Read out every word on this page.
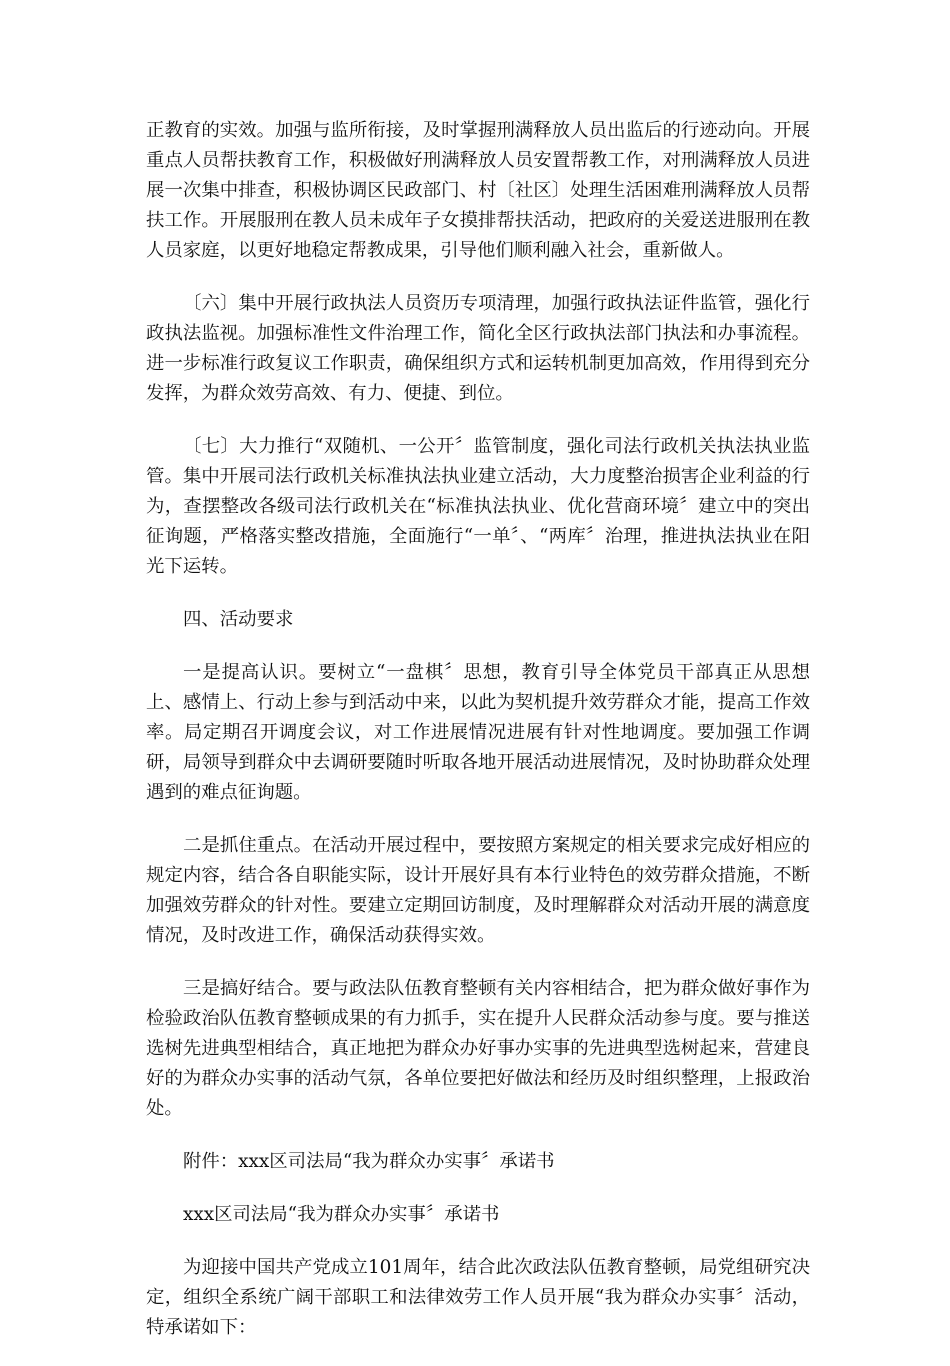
正教育的实效。加强与监所衔接，及时掌握刑满释放人员出监后的行迹动向。开展重点人员帮扶教育工作，积极做好刑满释放人员安置帮教工作，对刑满释放人员进展一次集中排查，积极协调区民政部门、村〔社区〕处理生活困难刑满释放人员帮扶工作。开展服刑在教人员未成年子女摸排帮扶活动，把政府的关爱送进服刑在教人员家庭，以更好地稳定帮教成果，引导他们顺利融入社会，重新做人。

〔六〕集中开展行政执法人员资历专项清理，加强行政执法证件监管，强化行政执法监视。加强标准性文件治理工作，简化全区行政执法部门执法和办事流程。进一步标准行政复议工作职责，确保组织方式和运转机制更加高效，作用得到充分发挥，为群众效劳高效、有力、便捷、到位。

〔七〕大力推行“双随机、一公开〞监管制度，强化司法行政机关执法执业监管。集中开展司法行政机关标准执法执业建立活动，大力度整治损害企业利益的行为，查摆整改各级司法行政机关在“标准执法执业、优化营商环境〞建立中的突出征询题，严格落实整改措施，全面施行“一单〞、“两库〞治理，推进执法执业在阳光下运转。

四、活动要求

一是提高认识。要树立“一盘棋〞思想，教育引导全体党员干部真正从思想上、感情上、行动上参与到活动中来，以此为契机提升效劳群众才能，提高工作效率。局定期召开调度会议，对工作进展情况进展有针对性地调度。要加强工作调研，局领导到群众中去调研要随时听取各地开展活动进展情况，及时协助群众处理遇到的难点征询题。

二是抓住重点。在活动开展过程中，要按照方案规定的相关要求完成好相应的规定内容，结合各自职能实际，设计开展好具有本行业特色的效劳群众措施，不断加强效劳群众的针对性。要建立定期回访制度，及时理解群众对活动开展的满意度情况，及时改进工作，确保活动获得实效。

三是搞好结合。要与政法队伍教育整顿有关内容相结合，把为群众做好事作为检验政治队伍教育整顿成果的有力抓手，实在提升人民群众活动参与度。要与推送选树先进典型相结合，真正地把为群众办好事办实事的先进典型选树起来，营建良好的为群众办实事的活动气氛，各单位要把好做法和经历及时组织整理，上报政治处。

附件：xxx区司法局“我为群众办实事〞承诺书

xxx区司法局“我为群众办实事〞承诺书

为迎接中国共产党成立101周年，结合此次政法队伍教育整顿，局党组研究决定，组织全系统广阔干部职工和法律效劳工作人员开展“我为群众办实事〞活动，特承诺如下：
